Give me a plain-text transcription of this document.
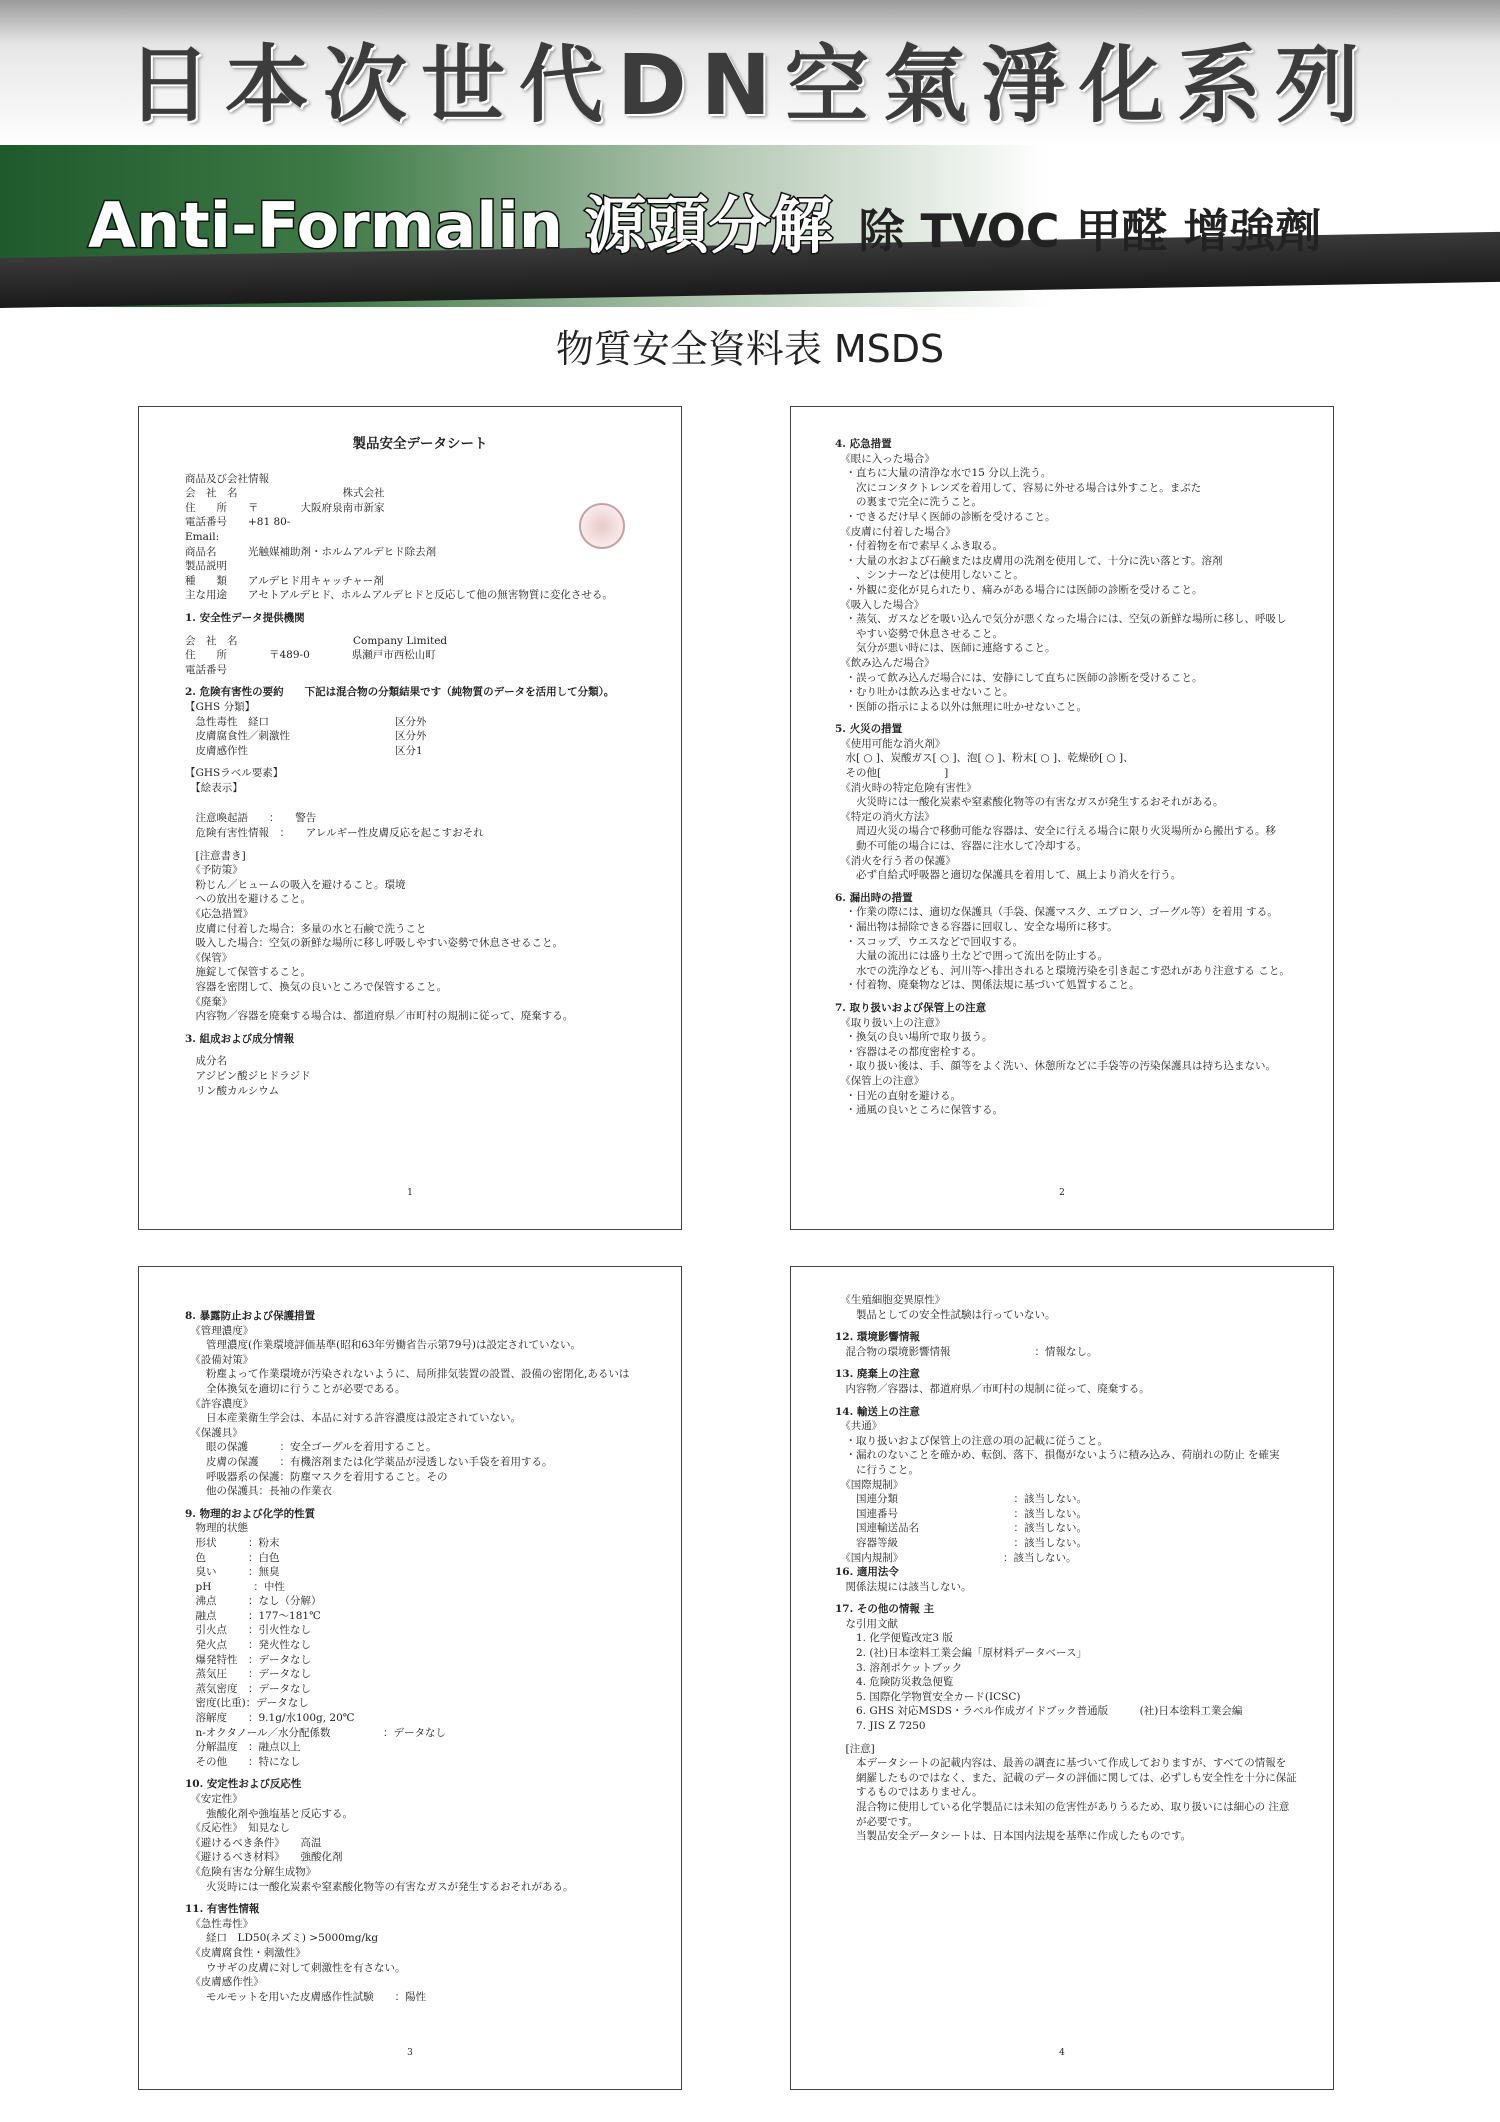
日本次世代DN空氣淨化系列
Anti-Formalin 源頭分解 除 TVOC 甲醛 增強劑
物質安全資料表 MSDS
製品安全データシート
商品及び会社情報
会　社　名　　　　　　　　　　株式会社
住　　所　　〒　　　　大阪府泉南市新家
電話番号　　+81 80-
Email:
商品名　　　光触媒補助剤・ホルムアルデヒド除去剤
製品説明
種　　類　　アルデヒド用キャッチャー剤
主な用途　　アセトアルデヒド、ホルムアルデヒドと反応して他の無害物質に変化させる。
1. 安全性データ提供機関
会　社　名　　　　　　　　　　　Company Limited
住　　所　　　　〒489-0　　　　県瀬戸市西松山町
電話番号
2. 危険有害性の要約　　下記は混合物の分類結果です（純物質のデータを活用して分類）。
【GHS 分類】
　急性毒性　経口　　　　　　　　　　　　区分外
　皮膚腐食性／刺激性　　　　　　　　　　区分外
　皮膚感作性　　　　　　　　　　　　　　区分1
【GHSラベル要素】
　【絵表示】
　注意喚起語　　：　　警告
　危険有害性情報　：　　アレルギー性皮膚反応を起こすおそれ
　[注意書き]
　《予防策》
　粉じん／ヒュームの吸入を避けること。環境
　への放出を避けること。
　《応急措置》
　皮膚に付着した場合：多量の水と石鹸で洗うこと
　吸入した場合：空気の新鮮な場所に移し呼吸しやすい姿勢で休息させること。
　《保管》
　施錠して保管すること。
　容器を密閉して、換気の良いところで保管すること。
　《廃棄》
　内容物／容器を廃棄する場合は、都道府県／市町村の規制に従って、廃棄する。
3. 組成および成分情報
　成分名
　アジピン酸ジヒドラジド
　リン酸カルシウム
1
4. 応急措置
　《眼に入った場合》
　・直ちに大量の清浄な水で15 分以上洗う。
　　次にコンタクトレンズを着用して、容易に外せる場合は外すこと。まぶた
　　の裏まで完全に洗うこと。
　・できるだけ早く医師の診断を受けること。
　《皮膚に付着した場合》
　・付着物を布で素早くふき取る。
　・大量の水および石鹸または皮膚用の洗剤を使用して、十分に洗い落とす。溶剤
　　、シンナーなどは使用しないこと。
　・外観に変化が見られたり、痛みがある場合には医師の診断を受けること。
　《吸入した場合》
　・蒸気、ガスなどを吸い込んで気分が悪くなった場合には、空気の新鮮な場所に移し、呼吸し
　　やすい姿勢で休息させること。
　　気分が悪い時には、医師に連絡すること。
　《飲み込んだ場合》
　・誤って飲み込んだ場合には、安静にして直ちに医師の診断を受けること。
　・むり吐かは飲み込ませないこと。
　・医師の指示による以外は無理に吐かせないこと。
5. 火災の措置
　《使用可能な消火剤》
　水[ ○ ]、炭酸ガス[ ○ ]、泡[ ○ ]、粉末[ ○ ]、乾燥砂[ ○ ]、
　その他[　　　　　　]
　《消火時の特定危険有害性》
　　火災時には一酸化炭素や窒素酸化物等の有害なガスが発生するおそれがある。
　《特定の消火方法》
　　周辺火災の場合で移動可能な容器は、安全に行える場合に限り火災場所から搬出する。移
　　動不可能の場合には、容器に注水して冷却する。
　《消火を行う者の保護》
　　必ず自給式呼吸器と適切な保護具を着用して、風上より消火を行う。
6. 漏出時の措置
　・作業の際には、適切な保護具（手袋、保護マスク、エプロン、ゴーグル等）を着用 する。
　・漏出物は掃除できる容器に回収し、安全な場所に移す。
　・スコップ、ウエスなどで回収する。
　　大量の流出には盛り土などで囲って流出を防止する。
　　水での洗浄なども、河川等へ排出されると環境汚染を引き起こす恐れがあり注意する こと。
　・付着物、廃棄物などは、関係法規に基づいて処置すること。
7. 取り扱いおよび保管上の注意
　《取り扱い上の注意》
　・換気の良い場所で取り扱う。
　・容器はその都度密栓する。
　・取り扱い後は、手、顔等をよく洗い、休憩所などに手袋等の汚染保護具は持ち込まない。
　《保管上の注意》
　・日光の直射を避ける。
　・通風の良いところに保管する。
2
8. 暴露防止および保護措置
　《管理濃度》
　　管理濃度(作業環境評価基準(昭和63年労働省告示第79号)は設定されていない。
　《設備対策》
　　粉塵よって作業環境が汚染されないように、局所排気装置の設置、設備の密閉化,あるいは
　　全体換気を適切に行うことが必要である。
　《許容濃度》
　　日本産業衛生学会は、本品に対する許容濃度は設定されていない。
　《保護具》
　　眼の保護　　　：安全ゴーグルを着用すること。
　　皮膚の保護　　：有機溶剤または化学薬品が浸透しない手袋を着用する。
　　呼吸器系の保護：防塵マスクを着用すること。その
　　他の保護具：長袖の作業衣
9. 物理的および化学的性質
　物理的状態
　形状　　　：粉末
　色　　　　：白色
　臭い　　　：無臭
　pH　　　　：中性
　沸点　　　：なし（分解）
　融点　　　：177〜181℃
　引火点　　：引火性なし
　発火点　　：発火性なし
　爆発特性　：データなし
　蒸気圧　　：データなし
　蒸気密度　：データなし
　密度(比重)：データなし
　溶解度　　：9.1g/水100g, 20℃
　n-オクタノール／水分配係数　　　　　：データなし
　分解温度　：融点以上
　その他　　：特になし
10. 安定性および反応性
　《安定性》
　　強酸化剤や強塩基と反応する。
　《反応性》　知見なし
　《避けるべき条件》　　高温
　《避けるべき材料》　　強酸化剤
　《危険有害な分解生成物》
　　火災時には一酸化炭素や窒素酸化物等の有害なガスが発生するおそれがある。
11. 有害性情報
　《急性毒性》
　　経口　LD50(ネズミ) >5000mg/kg
　《皮膚腐食性・刺激性》
　　ウサギの皮膚に対して刺激性を有さない。
　《皮膚感作性》
　　モルモットを用いた皮膚感作性試験　　：陽性
3
　《生殖細胞変異原性》
　　製品としての安全性試験は行っていない。
12. 環境影響情報
　混合物の環境影響情報　　　　　　　　：情報なし。
13. 廃棄上の注意
　内容物／容器は、都道府県／市町村の規制に従って、廃棄する。
14. 輸送上の注意
　《共通》
　・取り扱いおよび保管上の注意の項の記載に従うこと。
　・漏れのないことを確かめ、転倒、落下、損傷がないように積み込み、荷崩れの防止 を確実
　　に行うこと。
　《国際規制》
　　国連分類　　　　　　　　　　　：該当しない。
　　国連番号　　　　　　　　　　　：該当しない。
　　国連輸送品名　　　　　　　　　：該当しない。
　　容器等級　　　　　　　　　　　：該当しない。
　《国内規制》　　　　　　　　　　：該当しない。
16. 適用法令
　関係法規には該当しない。
17. その他の情報 主
　な引用文献
　　1. 化学便覧改定3 版
　　2. (社)日本塗料工業会編「原材料データベース」
　　3. 溶剤ポケットブック
　　4. 危険防災救急便覧
　　5. 国際化学物質安全カード(ICSC)
　　6. GHS 対応MSDS・ラベル作成ガイドブック普通版　　　(社)日本塗料工業会編
　　7. JIS Z 7250
　[注意]
　　本データシートの記載内容は、最善の調査に基づいて作成しておりますが、すべての情報を
　　網羅したものではなく、また、記載のデータの評価に関しては、必ずしも安全性を十分に保証
　　するものではありません。
　　混合物に使用している化学製品には未知の危害性がありうるため、取り扱いには細心の 注意
　　が必要です。
　　当製品安全データシートは、日本国内法規を基準に作成したものです。
4
